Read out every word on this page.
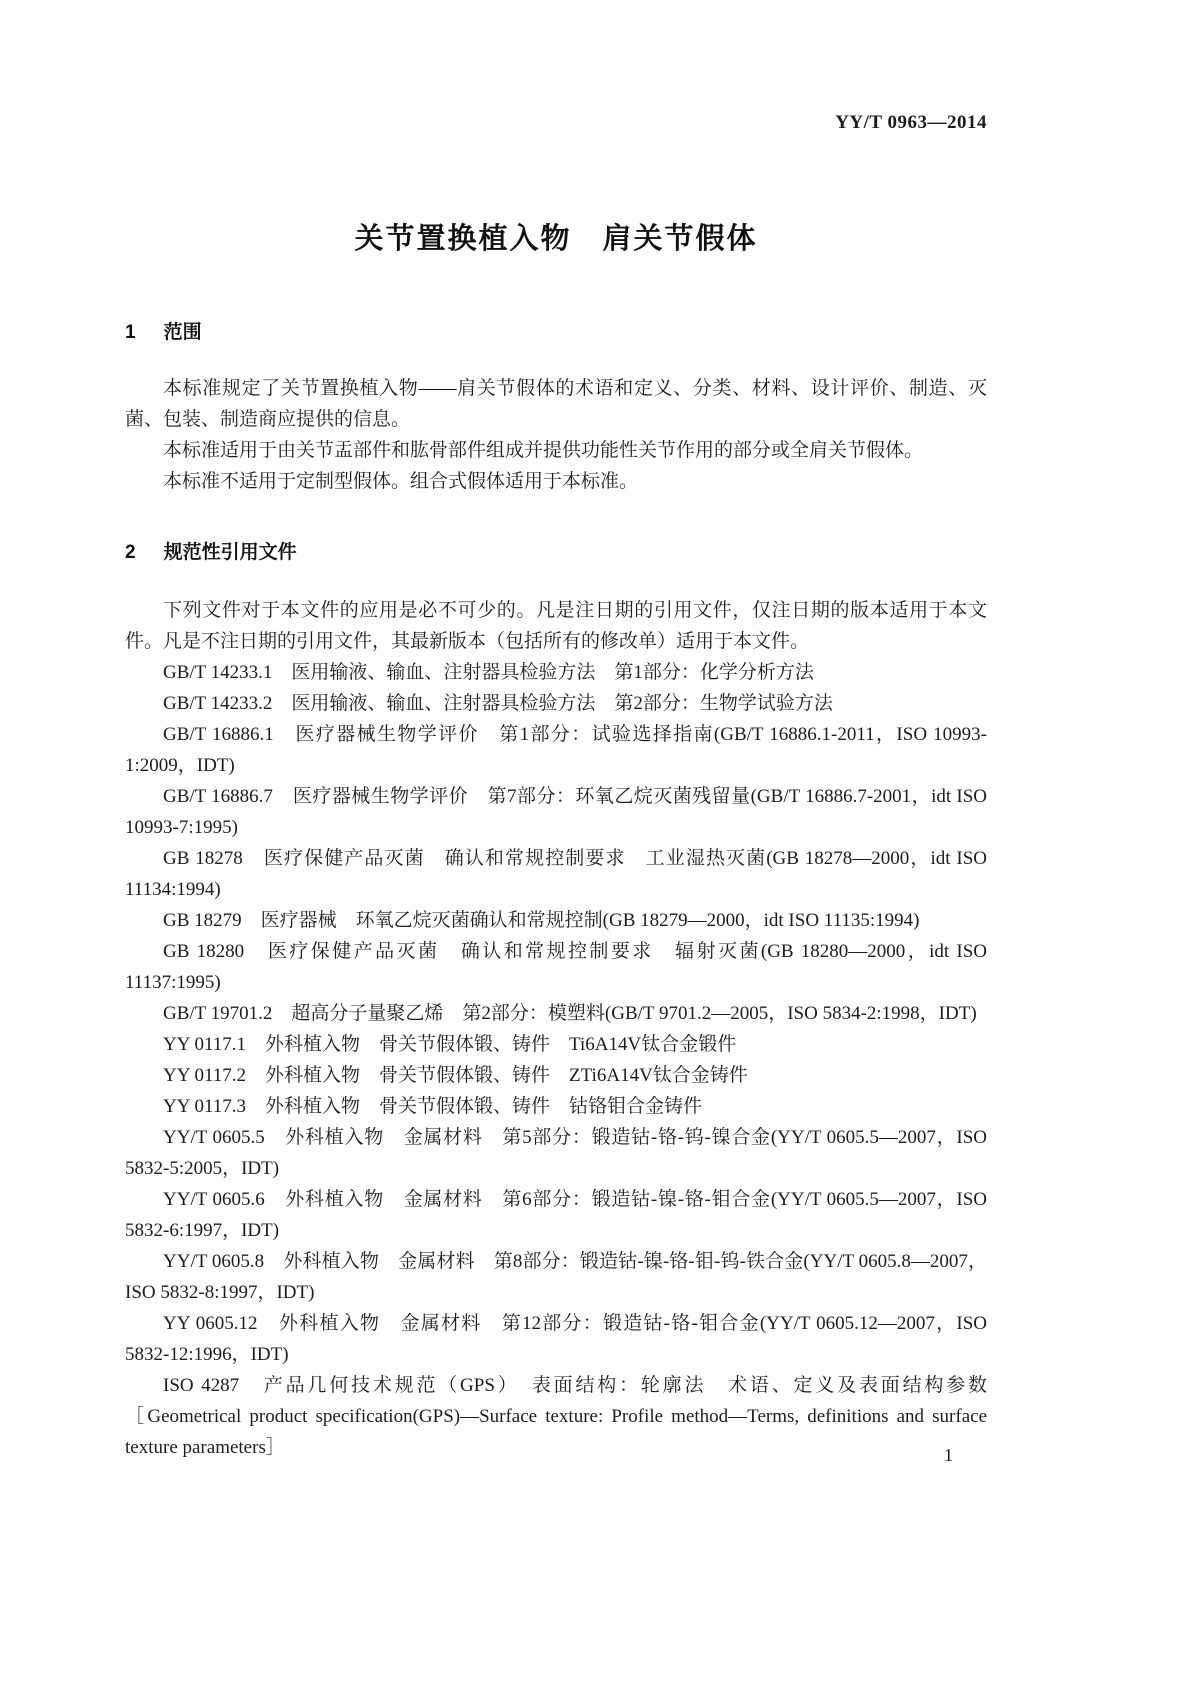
YY/T 0963—2014
关节置换植入物　肩关节假体
1 范围

本标准规定了关节置换植入物——肩关节假体的术语和定义、分类、材料、设计评价、制造、灭菌、包装、制造商应提供的信息。

本标准适用于由关节盂部件和肱骨部件组成并提供功能性关节作用的部分或全肩关节假体。

本标准不适用于定制型假体。组合式假体适用于本标准。

2 规范性引用文件

下列文件对于本文件的应用是必不可少的。凡是注日期的引用文件，仅注日期的版本适用于本文件。凡是不注日期的引用文件，其最新版本（包括所有的修改单）适用于本文件。

GB/T 14233.1　医用输液、输血、注射器具检验方法　第1部分：化学分析方法

GB/T 14233.2　医用输液、输血、注射器具检验方法　第2部分：生物学试验方法

GB/T 16886.1　医疗器械生物学评价　第1部分：试验选择指南(GB/T 16886.1-2011，ISO 10993-1:2009，IDT)

GB/T 16886.7　医疗器械生物学评价　第7部分：环氧乙烷灭菌残留量(GB/T 16886.7-2001，idt ISO 10993-7:1995)

GB 18278　医疗保健产品灭菌　确认和常规控制要求　工业湿热灭菌(GB 18278—2000，idt ISO 11134:1994)

GB 18279　医疗器械　环氧乙烷灭菌确认和常规控制(GB 18279—2000，idt ISO 11135:1994)

GB 18280　医疗保健产品灭菌　确认和常规控制要求　辐射灭菌(GB 18280—2000，idt ISO 11137:1995)

GB/T 19701.2　超高分子量聚乙烯　第2部分：模塑料(GB/T 9701.2—2005，ISO 5834-2:1998，IDT)

YY 0117.1　外科植入物　骨关节假体锻、铸件　Ti6A14V钛合金锻件

YY 0117.2　外科植入物　骨关节假体锻、铸件　ZTi6A14V钛合金铸件

YY 0117.3　外科植入物　骨关节假体锻、铸件　钴铬钼合金铸件

YY/T 0605.5　外科植入物　金属材料　第5部分：锻造钴-铬-钨-镍合金(YY/T 0605.5—2007，ISO 5832-5:2005，IDT)

YY/T 0605.6　外科植入物　金属材料　第6部分：锻造钴-镍-铬-钼合金(YY/T 0605.5—2007，ISO 5832-6:1997，IDT)

YY/T 0605.8　外科植入物　金属材料　第8部分：锻造钴-镍-铬-钼-钨-铁合金(YY/T 0605.8—2007，ISO 5832-8:1997，IDT)

YY 0605.12　外科植入物　金属材料　第12部分：锻造钴-铬-钼合金(YY/T 0605.12—2007，ISO 5832-12:1996，IDT)

ISO 4287　产品几何技术规范（GPS）　表面结构：轮廓法　术语、定义及表面结构参数［Geometrical product specification(GPS)—Surface texture: Profile method—Terms, definitions and surface texture parameters］	1
